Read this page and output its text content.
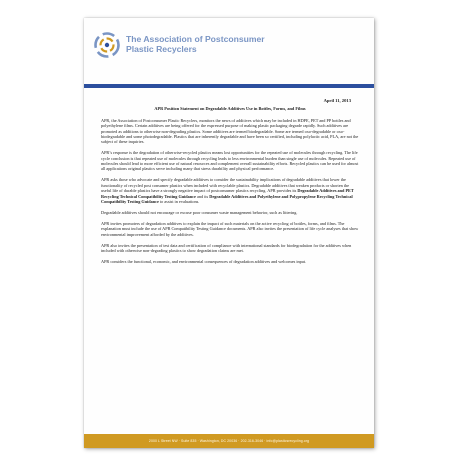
The Association of Postconsumer
Plastic Recyclers
April 11, 2013
APR Position Statement on Degradable Additives Use in Bottles, Forms, and Films

APR, the Association of Postconsumer Plastic Recyclers, monitors the news of additives which may be included in HDPE, PET and PP bottles and polyethylene films. Certain additives are being offered for the expressed purpose of making plastic packaging degrade rapidly. Such additives are promoted as additions to otherwise non-degrading plastics. Some additives are termed biodegradable. Some are termed oxo-degradable or oxo-biodegradable and some photodegradable. Plastics that are inherently degradable and have been so certified, including polylactic acid, PLA, are not the subject of these inquiries.

APR’s response is the degradation of otherwise-recycled plastics means lost opportunities for the repeated use of molecules through recycling. The life cycle conclusion is that repeated use of molecules through recycling leads to less environmental burden than single use of molecules. Repeated use of molecules should lead to more efficient use of natural resources and complement overall sustainability efforts. Recycled plastics can be used for almost all applications original plastics serve including many that stress durability and physical performance.

APR asks those who advocate and specify degradable additives to consider the sustainability implications of degradable additives that lower the functionality of recycled post consumer plastics when included with recyclable plastics. Degradable additives that weaken products or shorten the useful life of durable plastics have a strongly negative impact of postconsumer plastics recycling. APR provides its Degradable Additives and PET Recycling Technical Compatibility Testing Guidance and its Degradable Additives and Polyethylene and Polypropylene Recycling Technical Compatibility Testing Guidance to assist in evaluations.

Degradable additives should not encourage or excuse poor consumer waste management behavior, such as littering.

APR invites promoters of degradation additives to explain the impact of such materials on the active recycling of bottles, forms, and films. The explanation must include the use of APR Compatibility Testing Guidance documents. APR also invites the presentation of life cycle analyses that show environmental improvement afforded by the additives.

APR also invites the presentation of test data and certification of compliance with international standards for biodegradation for the additives when included with otherwise non-degrading plastics to show degradation claims are met.

APR considers the functional, economic, and environmental consequences of degradation additives and welcomes input.

2000 L Street NW · Suite 835 · Washington, DC 20036 · 202-316-3046 · info@plasticsrecycling.org
